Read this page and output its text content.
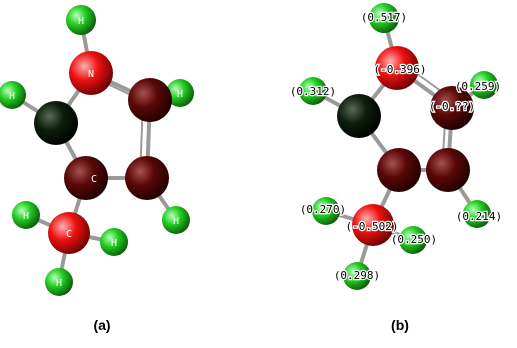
H
N
H	H
C
H
C
H
H
H
(a)
(0.517)
(-0.396)
(0.312)	(0.259)
(-0.??)
(0.214)
(0.270)
(-0.502)
(0.250)
(0.298)
(b)
